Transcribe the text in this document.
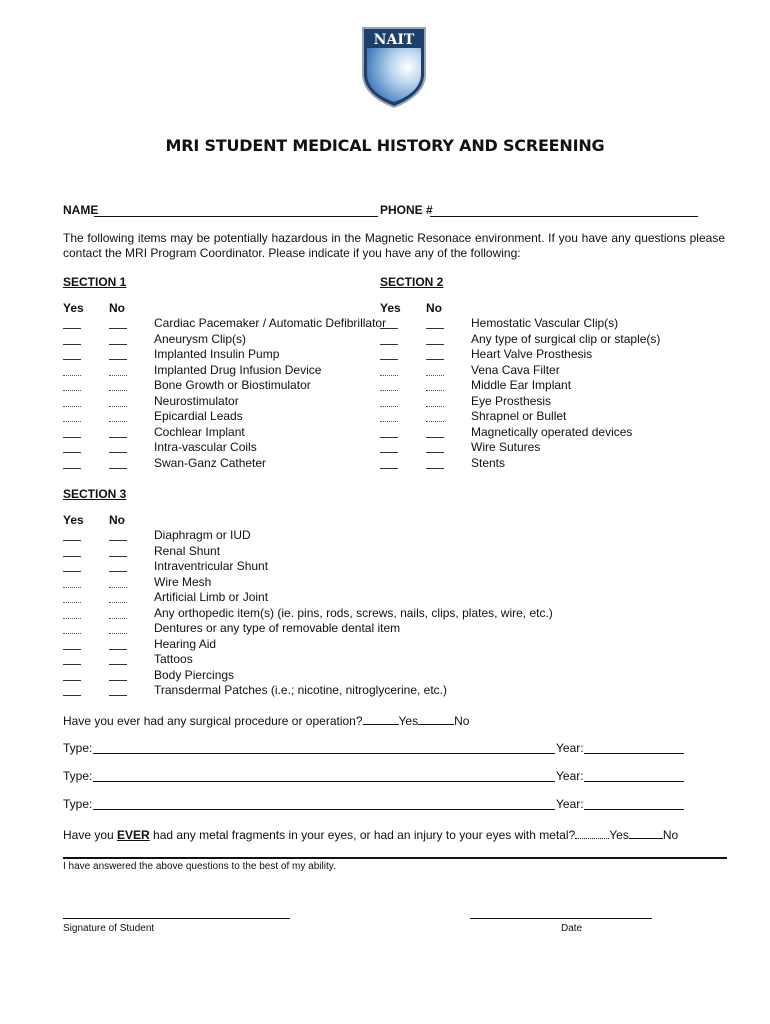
NAIT
MRI STUDENT MEDICAL HISTORY AND SCREENING
NAME	PHONE #
The following items may be potentially hazardous in the Magnetic Resonace environment. If you have any questions please contact the MRI Program Coordinator. Please indicate if you have any of the following:
SECTION 1	SECTION 2
Yes No	Yes No
Cardiac Pacemaker / Automatic Defibrillator
Aneurysm Clip(s)
Implanted Insulin Pump
Implanted Drug Infusion Device
Bone Growth or Biostimulator
Neurostimulator
Epicardial Leads
Cochlear Implant
Intra-vascular Coils
Swan-Ganz Catheter
Hemostatic Vascular Clip(s)
Any type of surgical clip or staple(s)
Heart Valve Prosthesis
Vena Cava Filter
Middle Ear Implant
Eye Prosthesis
Shrapnel or Bullet
Magnetically operated devices
Wire Sutures
Stents
SECTION 3
Yes No
Diaphragm or IUD
Renal Shunt
Intraventricular Shunt
Wire Mesh
Artificial Limb or Joint
Any orthopedic item(s) (ie. pins, rods, screws, nails, clips, plates, wire, etc.)
Dentures or any type of removable dental item
Hearing Aid
Tattoos
Body Piercings
Transdermal Patches (i.e.; nicotine, nitroglycerine, etc.)
Have you ever had any surgical procedure or operation?	Yes	No
Type:	Year:
Type:	Year:
Type:	Year:
Have you EVER had any metal fragments in your eyes, or had an injury to your eyes with metal?	Yes	No
I have answered the above questions to the best of my ability.
Signature of Student	Date
